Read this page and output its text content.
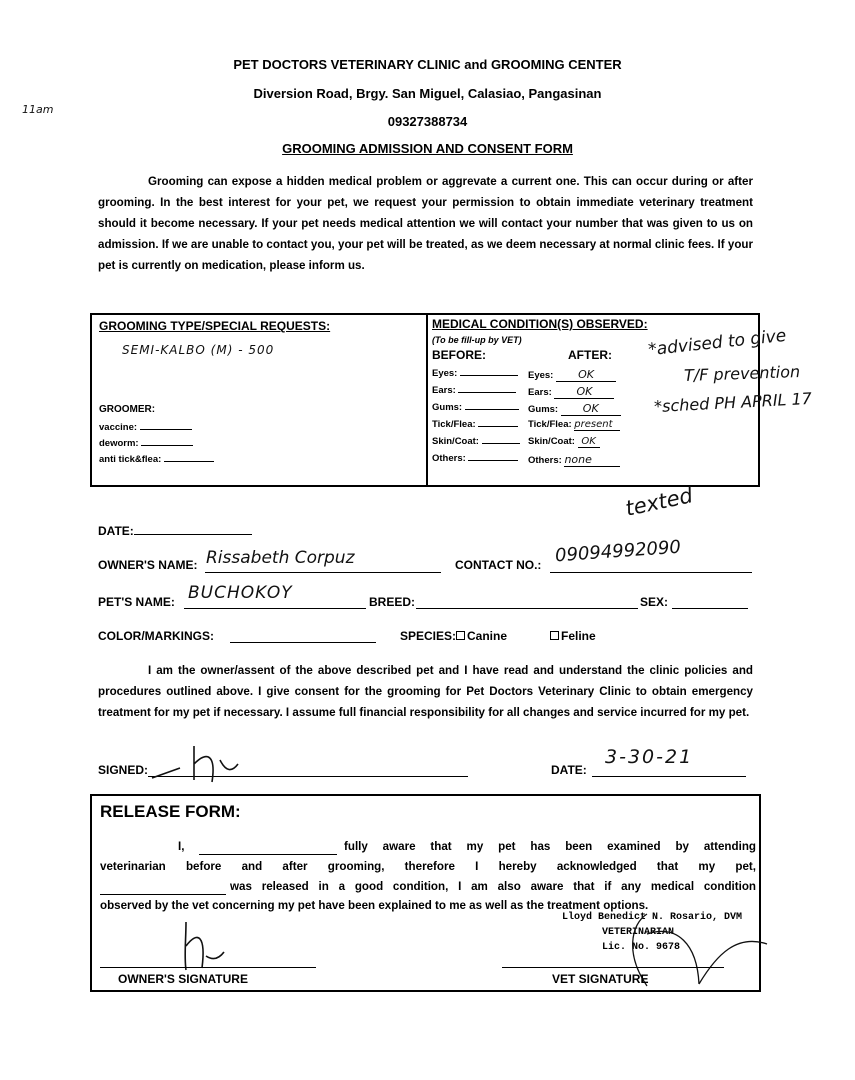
11am
PET DOCTORS VETERINARY CLINIC and GROOMING CENTER
Diversion Road, Brgy. San Miguel, Calasiao, Pangasinan
09327388734
GROOMING ADMISSION AND CONSENT FORM
Grooming can expose a hidden medical problem or aggrevate a current one. This can occur during or after grooming. In the best interest for your pet, we request your permission to obtain immediate veterinary treatment should it become necessary. If your pet needs medical attention we will contact your number that was given to us on admission. If we are unable to contact you, your pet will be treated, as we deem necessary at normal clinic fees. If your pet is currently on medication, please inform us.
GROOMING TYPE/SPECIAL REQUESTS:
SEMI-KALBO (M) - 500
GROOMER:
vaccine:
deworm:
anti tick&flea:
MEDICAL CONDITION(S) OBSERVED:
(To be fill-up by VET)
BEFORE:	AFTER:
Eyes:	Eyes: OK
Ears:	Ears: OK
Gums:	Gums: OK
Tick/Flea:	Tick/Flea: present
Skin/Coat:	Skin/Coat: OK
Others:	Others: none
*advised to give
T/F prevention
*sched PH APRIL 17
texted
DATE:
OWNER'S NAME: Rissabeth Corpuz	CONTACT NO.: 09094992090
PET'S NAME: BUCHOKOY	BREED:	SEX:
COLOR/MARKINGS:	SPECIES: Canine	Feline
I am the owner/assent of the above described pet and I have read and understand the clinic policies and procedures outlined above. I give consent for the grooming for Pet Doctors Veterinary Clinic to obtain emergency treatment for my pet if necessary. I assume full financial responsibility for all changes and service incurred for my pet.
SIGNED:	DATE:
3-30-21
RELEASE FORM:
I,	fully aware that my pet has been examined by attending
veterinarian before and after grooming, therefore I hereby acknowledged that my pet,
was released in a good condition, I am also aware that if any medical condition
observed by the vet concerning my pet have been explained to me as well as the treatment options.
Lloyd Benedict N. Rosario, DVM
VETERINARIAN
Lic. No. 9678
OWNER'S SIGNATURE	VET SIGNATURE
